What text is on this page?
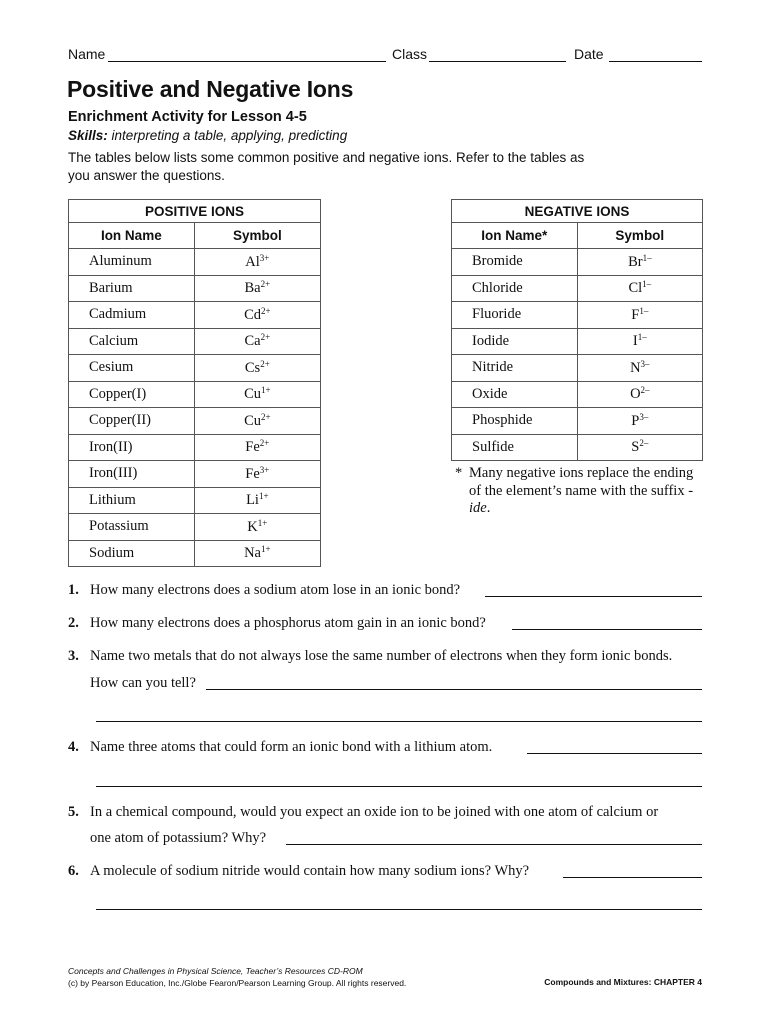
Name	Class	Date
Positive and Negative Ions
Enrichment Activity for Lesson 4-5
Skills: interpreting a table, applying, predicting
The tables below lists some common positive and negative ions. Refer to the tables as you answer the questions.
POSITIVE IONS	
Ion Name	Symbol
Aluminum	$Al^{3+}$
Barium	$Ba^{2+}$
Cadmium	$Cd^{2+}$
Calcium	$Ca^{2+}$
Cesium	$Cs^{2+}$
Copper(I)	$Cu^{1+}$
Copper(II)	$Cu^{2+}$
Iron(II)	$Fe^{2+}$
Iron(III)	$Fe^{3+}$
Lithium	$Li^{1+}$
Potassium	$K^{1+}$
Sodium	$Na^{1+}$
NEGATIVE IONS	
Ion Name*	Symbol
Bromide	$Br^{1-}$
Chloride	$Cl^{1-}$
Fluoride	$F^{1-}$
Iodide	$I^{1-}$
Nitride	$N^{3-}$
Oxide	$O^{2-}$
Phosphide	$P^{3-}$
Sulfide	$S^{2-}$
* Many negative ions replace the ending of the element’s name with the suffix -ide.
1. How many electrons does a sodium atom lose in an ionic bond?
2. How many electrons does a phosphorus atom gain in an ionic bond?
3. Name two metals that do not always lose the same number of electrons when they form ionic bonds.
How can you tell?
4. Name three atoms that could form an ionic bond with a lithium atom.
5. In a chemical compound, would you expect an oxide ion to be joined with one atom of calcium or
one atom of potassium? Why?
6. A molecule of sodium nitride would contain how many sodium ions? Why?
Concepts and Challenges in Physical Science, Teacher’s Resources CD-ROM
(c) by Pearson Education, Inc./Globe Fearon/Pearson Learning Group. All rights reserved.	Compounds and Mixtures: CHAPTER 4
